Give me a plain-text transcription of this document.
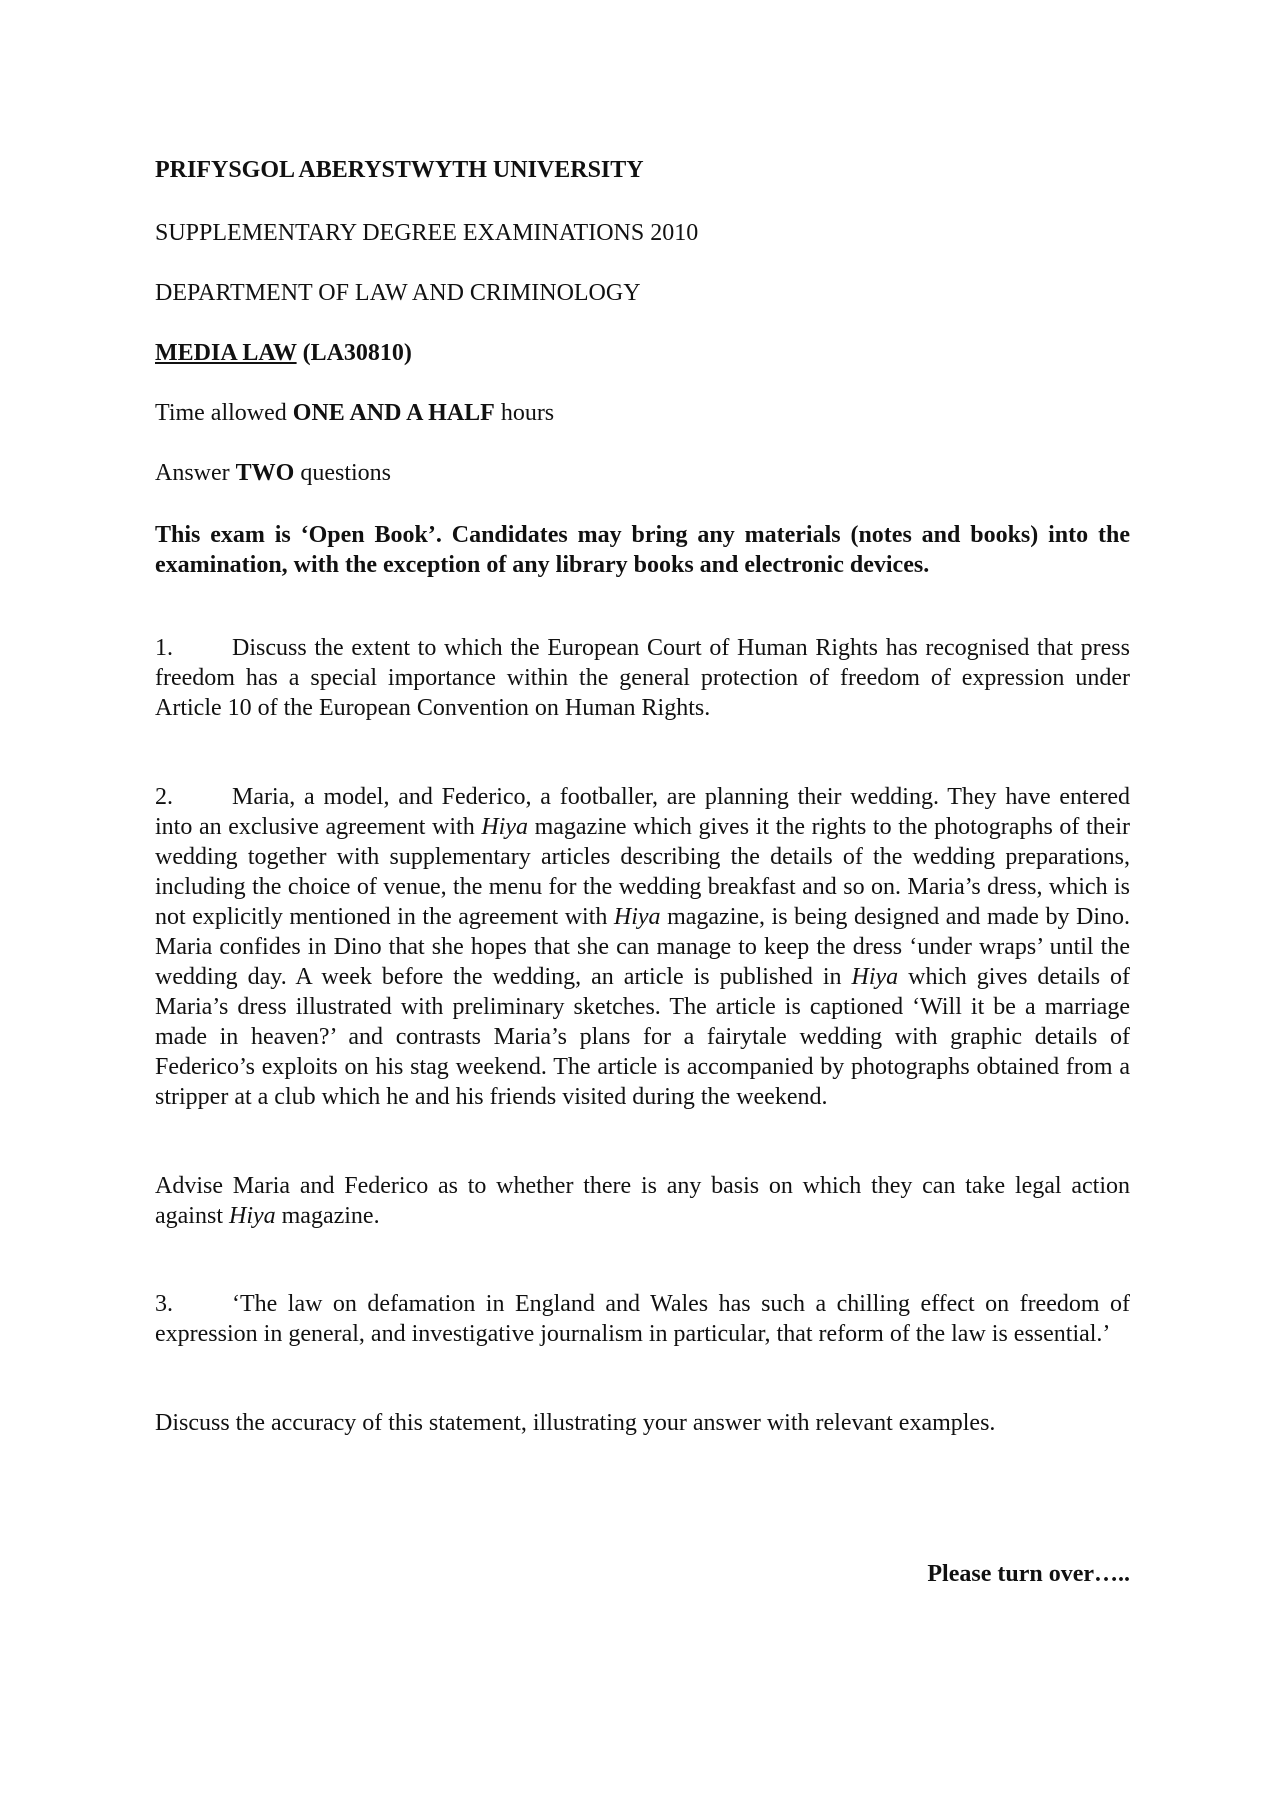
PRIFYSGOL ABERYSTWYTH UNIVERSITY
SUPPLEMENTARY DEGREE EXAMINATIONS 2010
DEPARTMENT OF LAW AND CRIMINOLOGY
MEDIA LAW (LA30810)
Time allowed ONE AND A HALF hours
Answer TWO questions
This exam is ‘Open Book’. Candidates may bring any materials (notes and books) into the examination, with the exception of any library books and electronic devices.
1. Discuss the extent to which the European Court of Human Rights has recognised that press freedom has a special importance within the general protection of freedom of expression under Article 10 of the European Convention on Human Rights.
2. Maria, a model, and Federico, a footballer, are planning their wedding. They have entered into an exclusive agreement with Hiya magazine which gives it the rights to the photographs of their wedding together with supplementary articles describing the details of the wedding preparations, including the choice of venue, the menu for the wedding breakfast and so on. Maria’s dress, which is not explicitly mentioned in the agreement with Hiya magazine, is being designed and made by Dino. Maria confides in Dino that she hopes that she can manage to keep the dress ‘under wraps’ until the wedding day. A week before the wedding, an article is published in Hiya which gives details of Maria’s dress illustrated with preliminary sketches. The article is captioned ‘Will it be a marriage made in heaven?’ and contrasts Maria’s plans for a fairytale wedding with graphic details of Federico’s exploits on his stag weekend. The article is accompanied by photographs obtained from a stripper at a club which he and his friends visited during the weekend.
Advise Maria and Federico as to whether there is any basis on which they can take legal action against Hiya magazine.
3. ‘The law on defamation in England and Wales has such a chilling effect on freedom of expression in general, and investigative journalism in particular, that reform of the law is essential.’
Discuss the accuracy of this statement, illustrating your answer with relevant examples.
Please turn over…..
